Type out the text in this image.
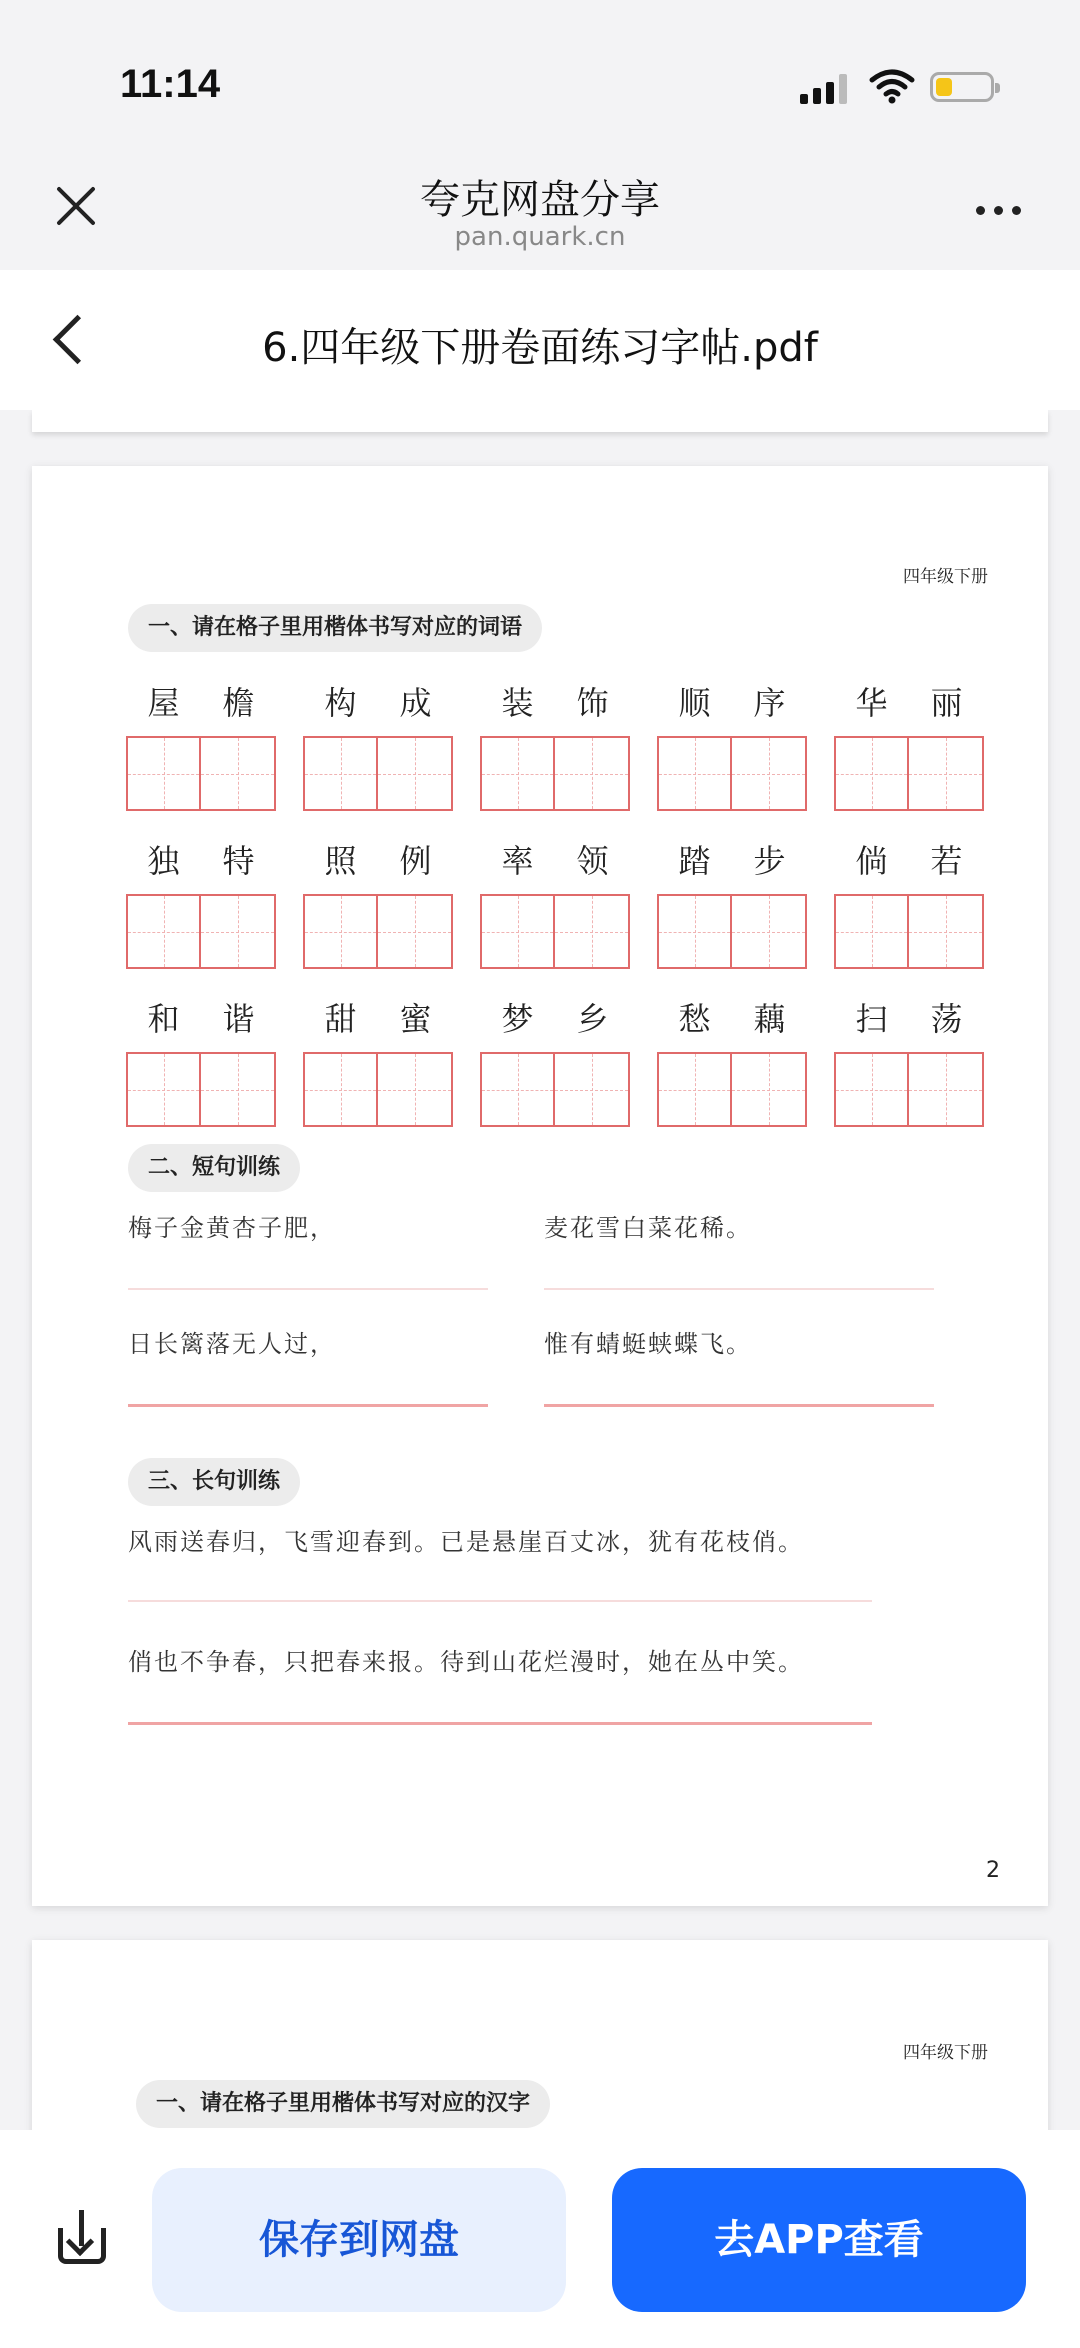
11:14
夸克网盘分享
pan.quark.cn
6.四年级下册卷面练习字帖.pdf
四年级下册
一、请在格子里用楷体书写对应的词语
屋	檐	构	成	装	饰	顺	序	华	丽
独	特	照	例	率	领	踏	步	倘	若
和	谐	甜	蜜	梦	乡	愁	藕	扫	荡
二、短句训练
梅子金黄杏子肥，	麦花雪白菜花稀。
日长篱落无人过，	惟有蜻蜓蛱蝶飞。
三、长句训练
风雨送春归，飞雪迎春到。已是悬崖百丈冰，犹有花枝俏。
俏也不争春，只把春来报。待到山花烂漫时，她在丛中笑。
2
四年级下册
一、请在格子里用楷体书写对应的汉字
保存到网盘	去APP查看
